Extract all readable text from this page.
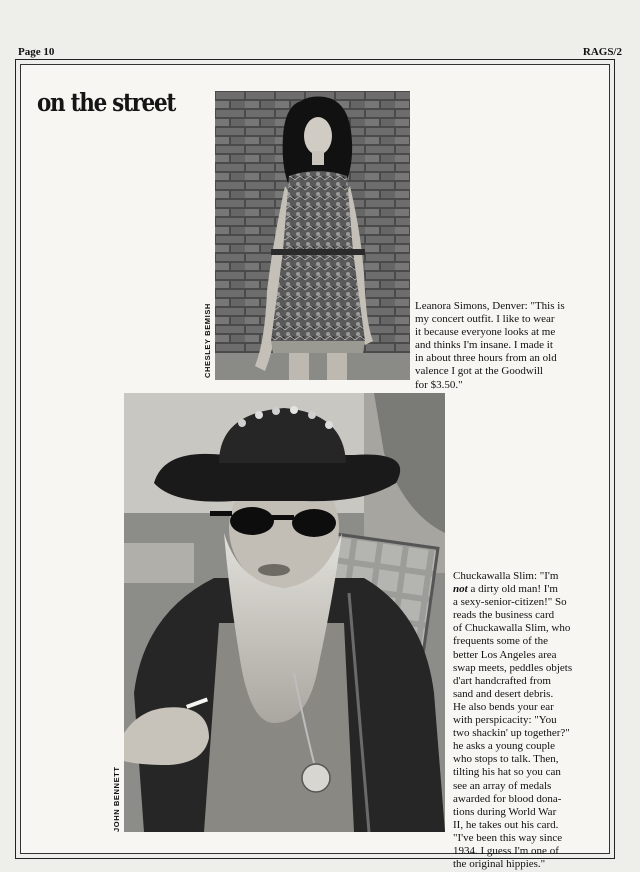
Page 10	RAGS/2
on the street
CHESLEY BEMISH	Leanora Simons, Denver: "This is
my concert outfit. I like to wear
it because everyone looks at me
and thinks I'm insane. I made it
in about three hours from an old
valence I got at the Goodwill
for $3.50."

JOHN BENNETT

Chuckawalla Slim: "I'm
not a dirty old man! I'm
a sexy-senior-citizen!" So
reads the business card
of Chuckawalla Slim, who
frequents some of the
better Los Angeles area
swap meets, peddles objets
d'art handcrafted from
sand and desert debris.
He also bends your ear
with perspicacity: "You
two shackin' up together?"
he asks a young couple
who stops to talk. Then,
tilting his hat so you can
see an array of medals
awarded for blood dona-
tions during World War
II, he takes out his card.
"I've been this way since
1934. I guess I'm one of
the original hippies."
